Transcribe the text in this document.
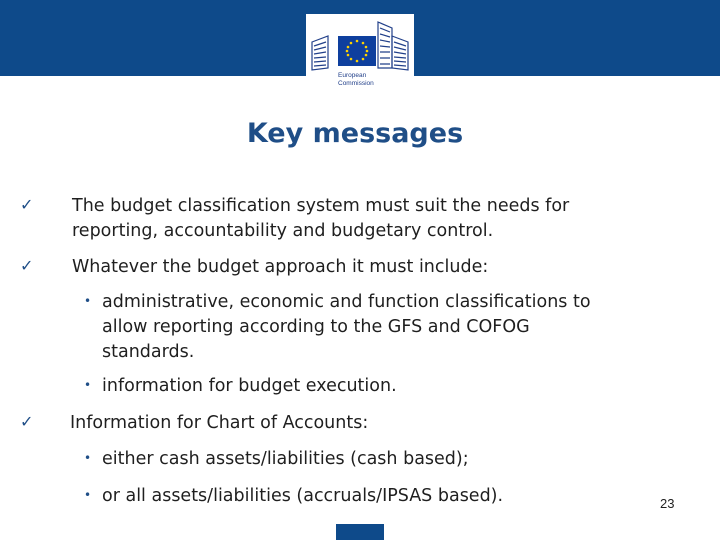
European
Commission
Key messages
✓	The budget classification system must suit the needs for
reporting, accountability and budgetary control.
✓	Whatever the budget approach it must include:
• administrative, economic and function classifications to
allow reporting according to the GFS and COFOG
standards.
• information for budget execution.
✓	Information for Chart of Accounts:
• either cash assets/liabilities (cash based);
• or all assets/liabilities (accruals/IPSAS based).	23
